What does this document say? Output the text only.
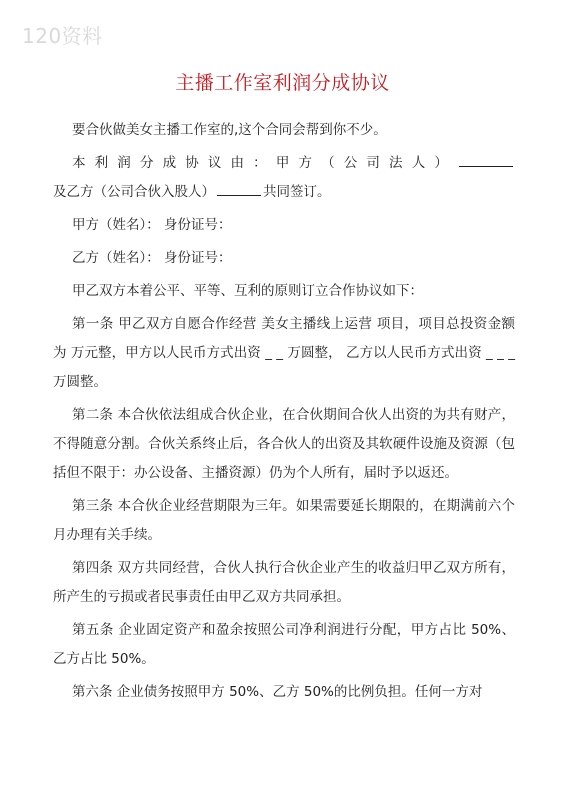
120资料
主播工作室利润分成协议

要合伙做美女主播工作室的,这个合同会帮到你不少。

本利润分成协议由：甲方（公司法人）及乙方（公司合伙入股人）	共同签订。

甲方（姓名）： 身份证号：

乙方（姓名）： 身份证号：

甲乙双方本着公平、平等、互利的原则订立合作协议如下：

第一条 甲乙双方自愿合作经营 美女主播线上运营 项目，项目总投资金额为 万元整，甲方以人民币方式出资 _ _ 万圆整， 乙方以人民币方式出资 _ _ _ 万圆整。

第二条 本合伙依法组成合伙企业，在合伙期间合伙人出资的为共有财产，不得随意分割。合伙关系终止后，各合伙人的出资及其软硬件设施及资源（包括但不限于：办公设备、主播资源）仍为个人所有，届时予以返还。

第三条 本合伙企业经营期限为三年。如果需要延长期限的，在期满前六个月办理有关手续。

第四条 双方共同经营，合伙人执行合伙企业产生的收益归甲乙双方所有，所产生的亏损或者民事责任由甲乙双方共同承担。

第五条 企业固定资产和盈余按照公司净利润进行分配，甲方占比 50%、乙方占比 50%。

第六条 企业债务按照甲方 50%、乙方 50%的比例负担。任何一方对
